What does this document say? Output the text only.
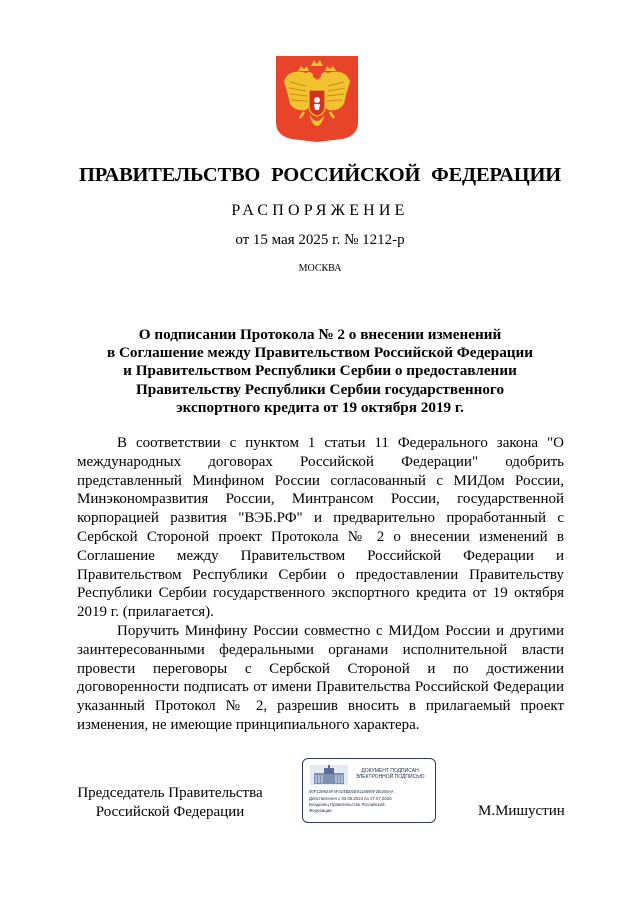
ПРАВИТЕЛЬСТВО РОССИЙСКОЙ ФЕДЕРАЦИИ
РАСПОРЯЖЕНИЕ
от 15 мая 2025 г. № 1212-р
МОСКВА
О подписании Протокола № 2 о внесении изменений
в Соглашение между Правительством Российской Федерации
и Правительством Республики Сербии о предоставлении
Правительству Республики Сербии государственного
экспортного кредита от 19 октября 2019 г.

В соответствии с пунктом 1 статьи 11 Федерального закона "О международных договорах Российской Федерации" одобрить представленный Минфином России согласованный с МИДом России, Минэкономразвития России, Минтрансом России, государственной корпорацией развития "ВЭБ.РФ" и предварительно проработанный с Сербской Стороной проект Протокола № 2 о внесении изменений в Соглашение между Правительством Российской Федерации и Правительством Республики Сербии о предоставлении Правительству Республики Сербии государственного экспортного кредита от 19 октября 2019 г. (прилагается).

Поручить Минфину России совместно с МИДом России и другими заинтересованными федеральными органами исполнительной власти провести переговоры с Сербской Стороной и по достижении договоренности подписать от имени Правительства Российской Федерации указанный Протокол № 2, разрешив вносить в прилагаемый проект изменения, не имеющие принципиального характера.

Председатель Правительства
Российской Федерации
ДОКУМЕНТ ПОДПИСАН
ЭЛЕКТРОННОЙ ПОДПИСЬЮ
00F129924F4F424BE5E9118690F2B160AA
Действителен с 03.05.2024 по 27.07.2025
Владелец Правительство Российской
Федерации	М.Мишустин
